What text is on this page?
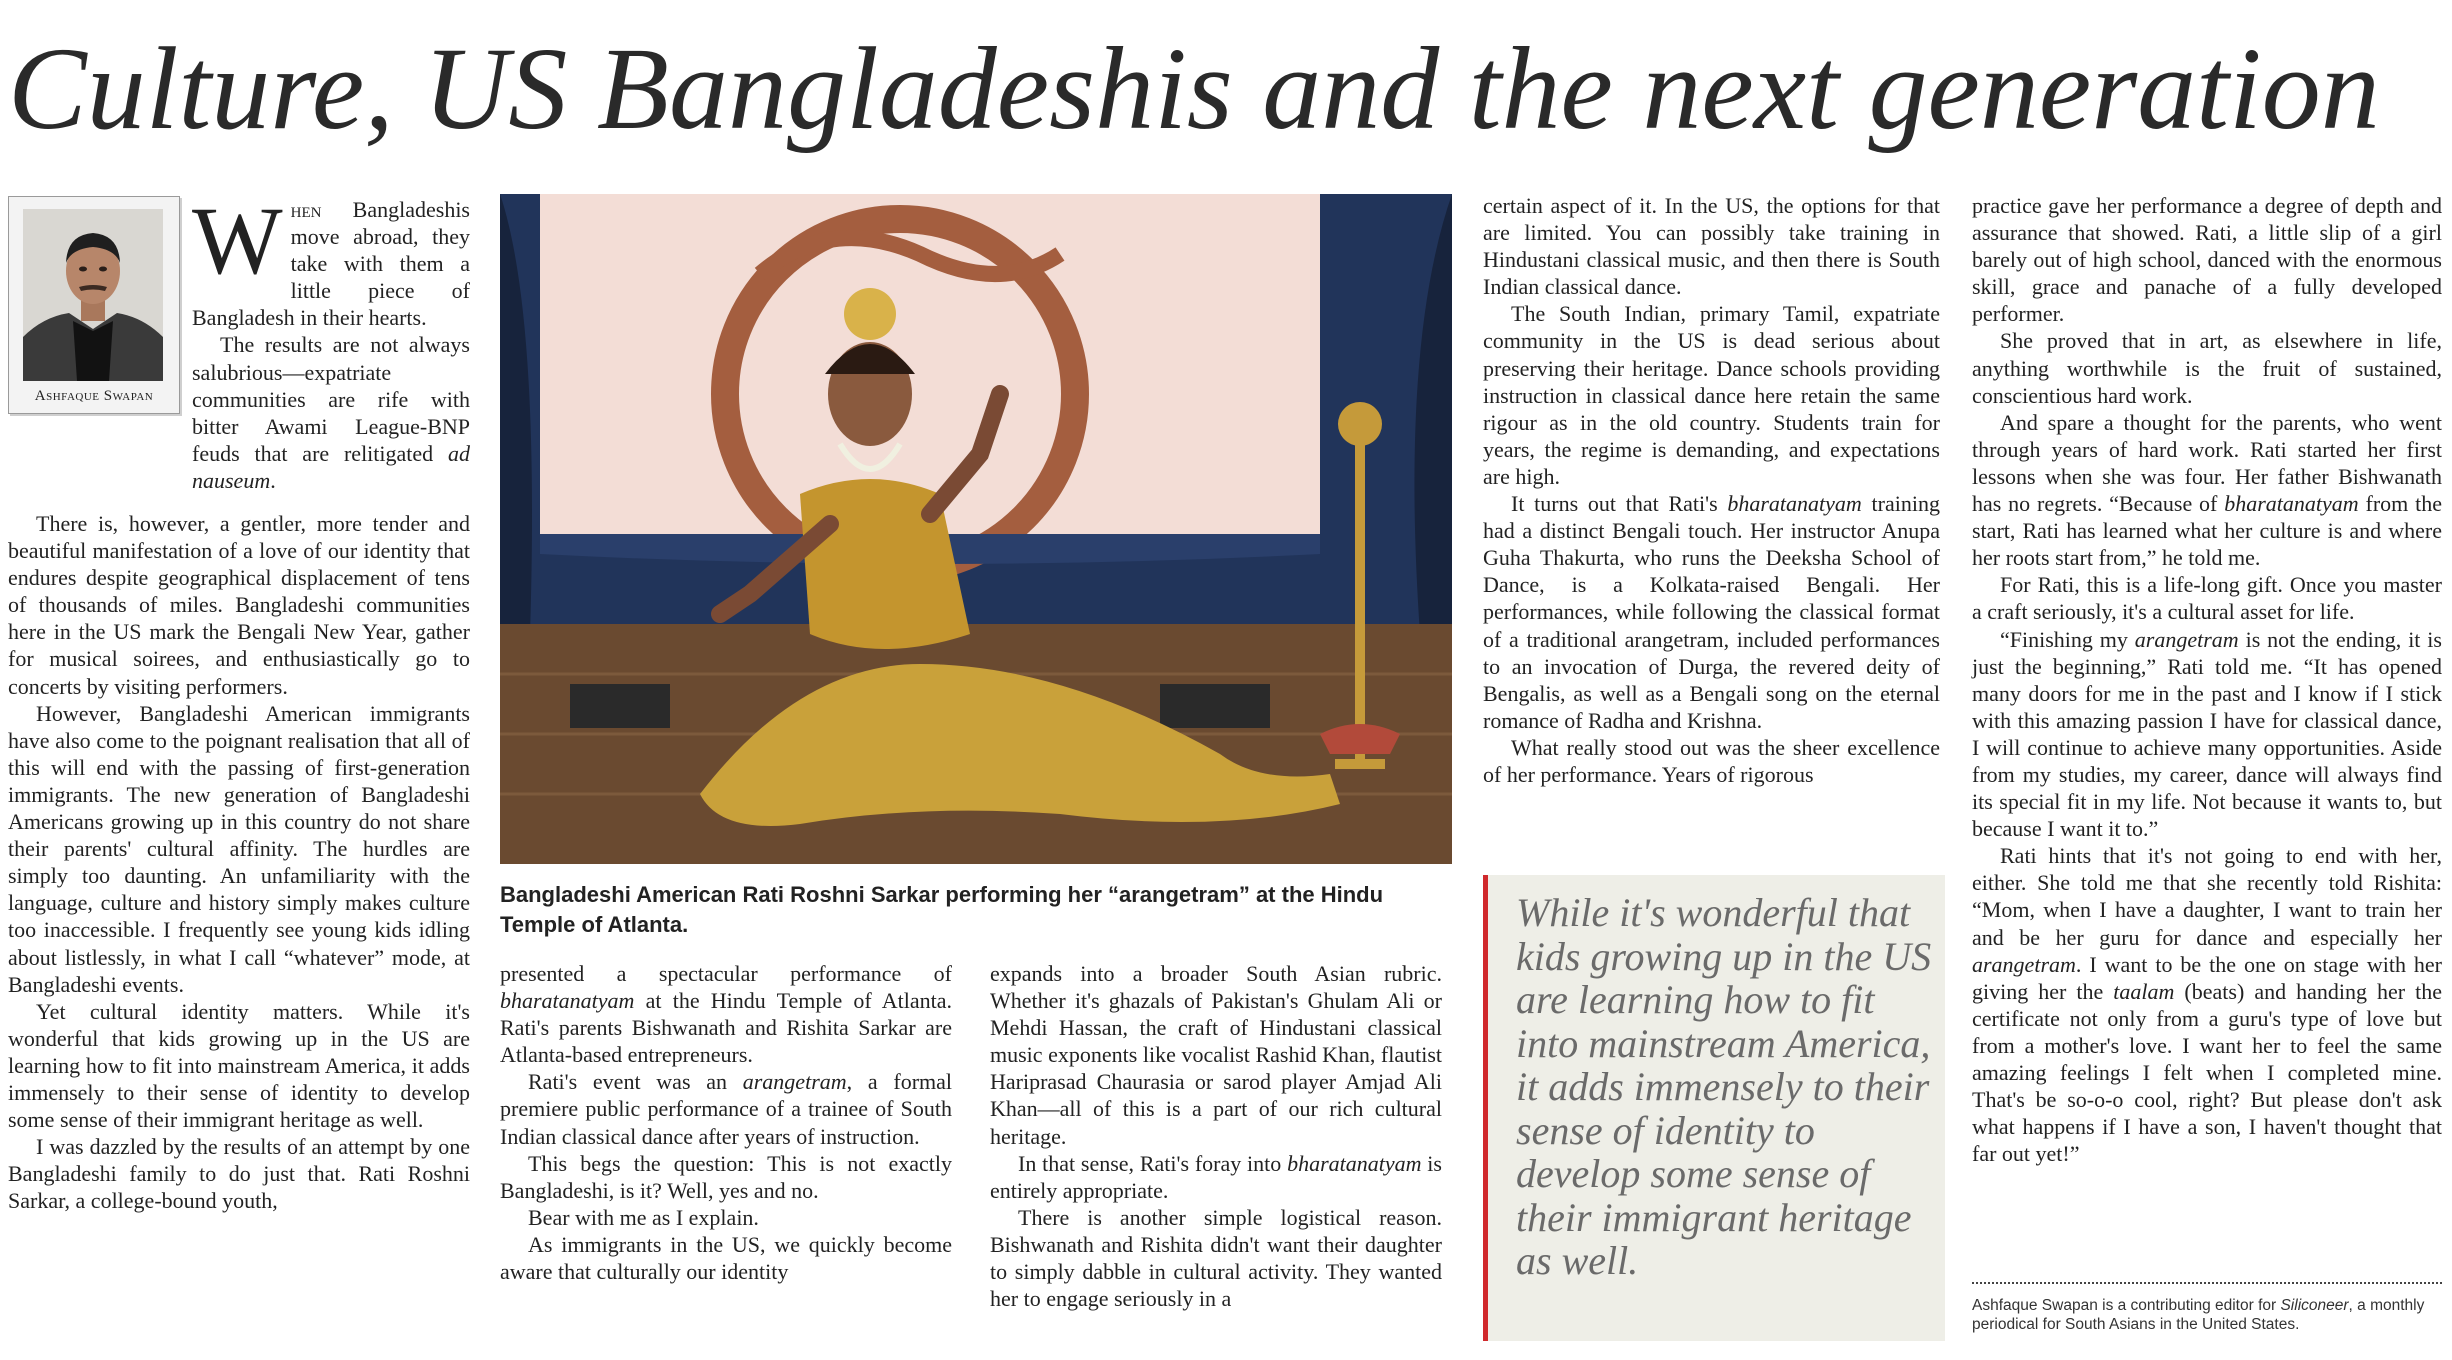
Culture, US Bangladeshis and the next generation
Ashfaque Swapan

When Bangladeshis move abroad, they take with them a little piece of Bangladesh in their hearts.

The results are not always salubrious—expatriate communities are rife with bitter Awami League-BNP feuds that are relitigated ad nauseum.

There is, however, a gentler, more tender and beautiful manifestation of a love of our identity that endures despite geographical displacement of tens of thousands of miles. Bangladeshi communities here in the US mark the Bengali New Year, gather for musical soirees, and enthusiastically go to concerts by visiting performers.

However, Bangladeshi American immigrants have also come to the poignant realisation that all of this will end with the passing of first-generation immigrants. The new generation of Bangladeshi Americans growing up in this country do not share their parents' cultural affinity. The hurdles are simply too daunting. An unfamiliarity with the language, culture and history simply makes culture too inaccessible. I frequently see young kids idling about listlessly, in what I call “whatever” mode, at Bangladeshi events.

Yet cultural identity matters. While it's wonderful that kids growing up in the US are learning how to fit into mainstream America, it adds immensely to their sense of identity to develop some sense of their immigrant heritage as well.

I was dazzled by the results of an attempt by one Bangladeshi family to do just that. Rati Roshni Sarkar, a college-bound youth,

Bangladeshi American Rati Roshni Sarkar performing her “arangetram” at the Hindu Temple of Atlanta.

presented a spectacular performance of bharatanatyam at the Hindu Temple of Atlanta. Rati's parents Bishwanath and Rishita Sarkar are Atlanta-based entrepreneurs.

Rati's event was an arangetram, a formal premiere public performance of a trainee of South Indian classical dance after years of instruction.

This begs the question: This is not exactly Bangladeshi, is it? Well, yes and no.

Bear with me as I explain.

As immigrants in the US, we quickly become aware that culturally our identity

expands into a broader South Asian rubric. Whether it's ghazals of Pakistan's Ghulam Ali or Mehdi Hassan, the craft of Hindustani classical music exponents like vocalist Rashid Khan, flautist Hariprasad Chaurasia or sarod player Amjad Ali Khan—all of this is a part of our rich cultural heritage.

In that sense, Rati's foray into bharatanatyam is entirely appropriate.

There is another simple logistical reason. Bishwanath and Rishita didn't want their daughter to simply dabble in cultural activity. They wanted her to engage seriously in a

certain aspect of it. In the US, the options for that are limited. You can possibly take training in Hindustani classical music, and then there is South Indian classical dance.

The South Indian, primary Tamil, expatriate community in the US is dead serious about preserving their heritage. Dance schools providing instruction in classical dance here retain the same rigour as in the old country. Students train for years, the regime is demanding, and expectations are high.

It turns out that Rati's bharatanatyam training had a distinct Bengali touch. Her instructor Anupa Guha Thakurta, who runs the Deeksha School of Dance, is a Kolkata-raised Bengali. Her performances, while following the classical format of a traditional arangetram, included performances to an invocation of Durga, the revered deity of Bengalis, as well as a Bengali song on the eternal romance of Radha and Krishna.

What really stood out was the sheer excellence of her performance. Years of rigorous

While it's wonderful that kids growing up in the US are learning how to fit into mainstream America, it adds immensely to their sense of identity to develop some sense of their immigrant heritage as well.

practice gave her performance a degree of depth and assurance that showed. Rati, a little slip of a girl barely out of high school, danced with the enormous skill, grace and panache of a fully developed performer.

She proved that in art, as elsewhere in life, anything worthwhile is the fruit of sustained, conscientious hard work.

And spare a thought for the parents, who went through years of hard work. Rati started her first lessons when she was four. Her father Bishwanath has no regrets. “Because of bharatanatyam from the start, Rati has learned what her culture is and where her roots start from,” he told me.

For Rati, this is a life-long gift. Once you master a craft seriously, it's a cultural asset for life.

“Finishing my arangetram is not the ending, it is just the beginning,” Rati told me. “It has opened many doors for me in the past and I know if I stick with this amazing passion I have for classical dance, I will continue to achieve many opportunities. Aside from my studies, my career, dance will always find its special fit in my life. Not because it wants to, but because I want it to.”

Rati hints that it's not going to end with her, either. She told me that she recently told Rishita: “Mom, when I have a daughter, I want to train her and be her guru for dance and especially her arangetram. I want to be the one on stage with her giving her the taalam (beats) and handing her the certificate not only from a guru's type of love but from a mother's love. I want her to feel the same amazing feelings I felt when I completed mine. That's be so-o-o cool, right? But please don't ask what happens if I have a son, I haven't thought that far out yet!”

Ashfaque Swapan is a contributing editor for Siliconeer, a monthly periodical for South Asians in the United States.
